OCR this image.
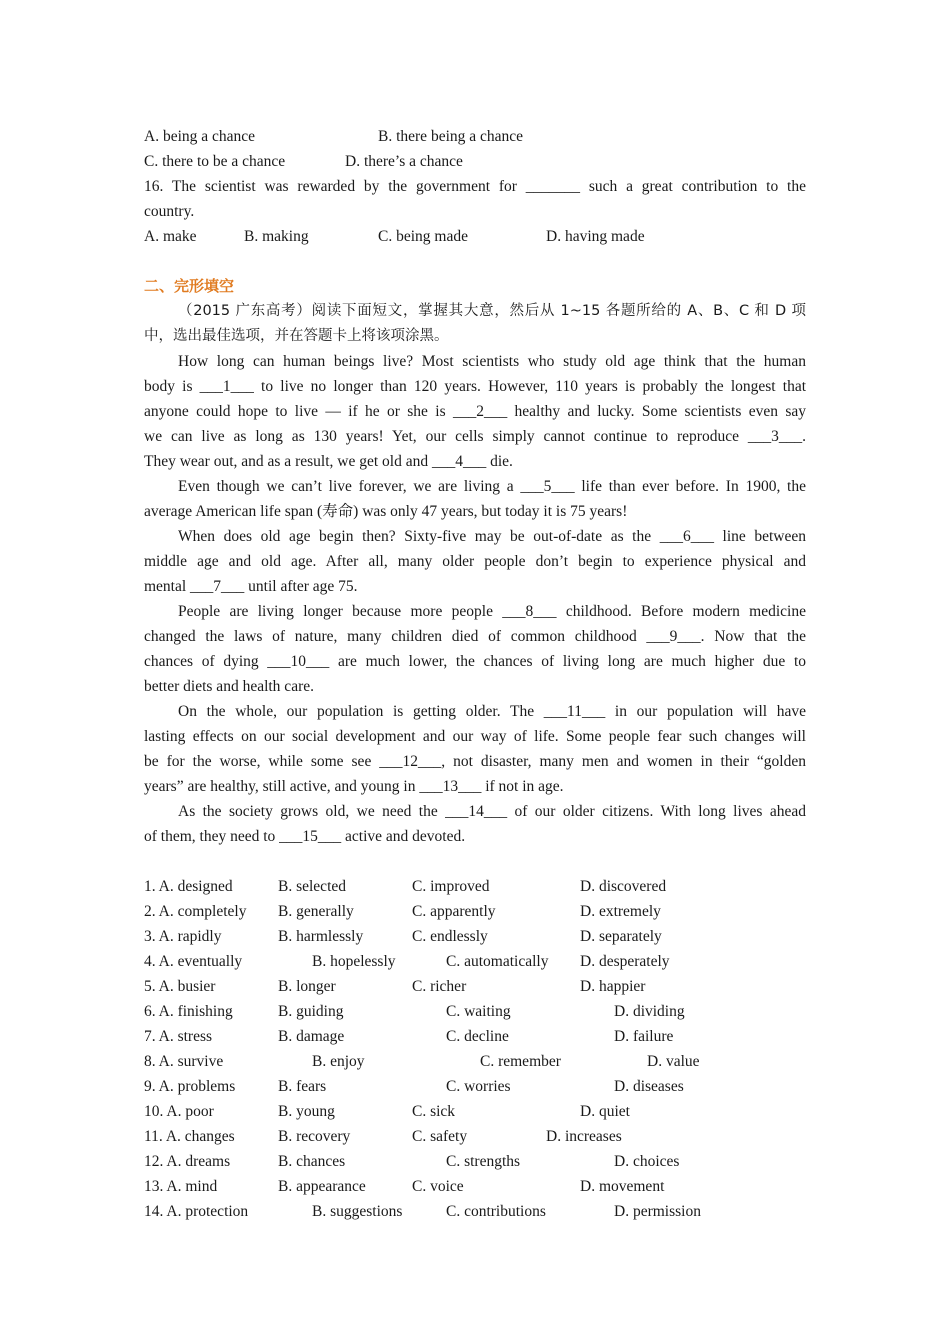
A. being a chance	B. there being a chance
C. there to be a chance	D. there’s a chance
16. The scientist was rewarded by the government for _______ such a great contribution to the
country.
A. make	B. making	C. being made	D. having made
二、完形填空
（2015 广东高考）阅读下面短文，掌握其大意，然后从 1~15 各题所给的 A、B、C 和 D 项
中，选出最佳选项，并在答题卡上将该项涂黑。
How long can human beings live? Most scientists who study old age think that the human
body is ___1___ to live no longer than 120 years. However, 110 years is probably the longest that
anyone could hope to live — if he or she is ___2___ healthy and lucky. Some scientists even say
we can live as long as 130 years! Yet, our cells simply cannot continue to reproduce ___3___.
They wear out, and as a result, we get old and ___4___ die.
Even though we can’t live forever, we are living a ___5___ life than ever before. In 1900, the
average American life span (寿命) was only 47 years, but today it is 75 years!
When does old age begin then? Sixty-five may be out-of-date as the ___6___ line between
middle age and old age. After all, many older people don’t begin to experience physical and
mental ___7___ until after age 75.
People are living longer because more people ___8___ childhood. Before modern medicine
changed the laws of nature, many children died of common childhood ___9___. Now that the
chances of dying ___10___ are much lower, the chances of living long are much higher due to
better diets and health care.
On the whole, our population is getting older. The ___11___ in our population will have
lasting effects on our social development and our way of life. Some people fear such changes will
be for the worse, while some see ___12___, not disaster, many men and women in their “golden
years” are healthy, still active, and young in ___13___ if not in age.
As the society grows old, we need the ___14___ of our older citizens. With long lives ahead
of them, they need to ___15___ active and devoted.
1. A. designed	B. selected	C. improved	D. discovered
2. A. completely B. generally	C. apparently	D. extremely
3. A. rapidly	B. harmlessly	C. endlessly	D. separately
4. A. eventually	B. hopelessly	C. automatically D. desperately
5. A. busier	B. longer	C. richer	D. happier
6. A. finishing	B. guiding	C. waiting	D. dividing
7. A. stress	B. damage	C. decline	D. failure
8. A. survive	B. enjoy	C. remember	D. value
9. A. problems	B. fears	C. worries	D. diseases
10. A. poor	B. young	C. sick	D. quiet
11. A. changes	B. recovery	C. safety	D. increases
12. A. dreams	B. chances	C. strengths	D. choices
13. A. mind	B. appearance	C. voice	D. movement
14. A. protection	B. suggestions	C. contributions	D. permission
